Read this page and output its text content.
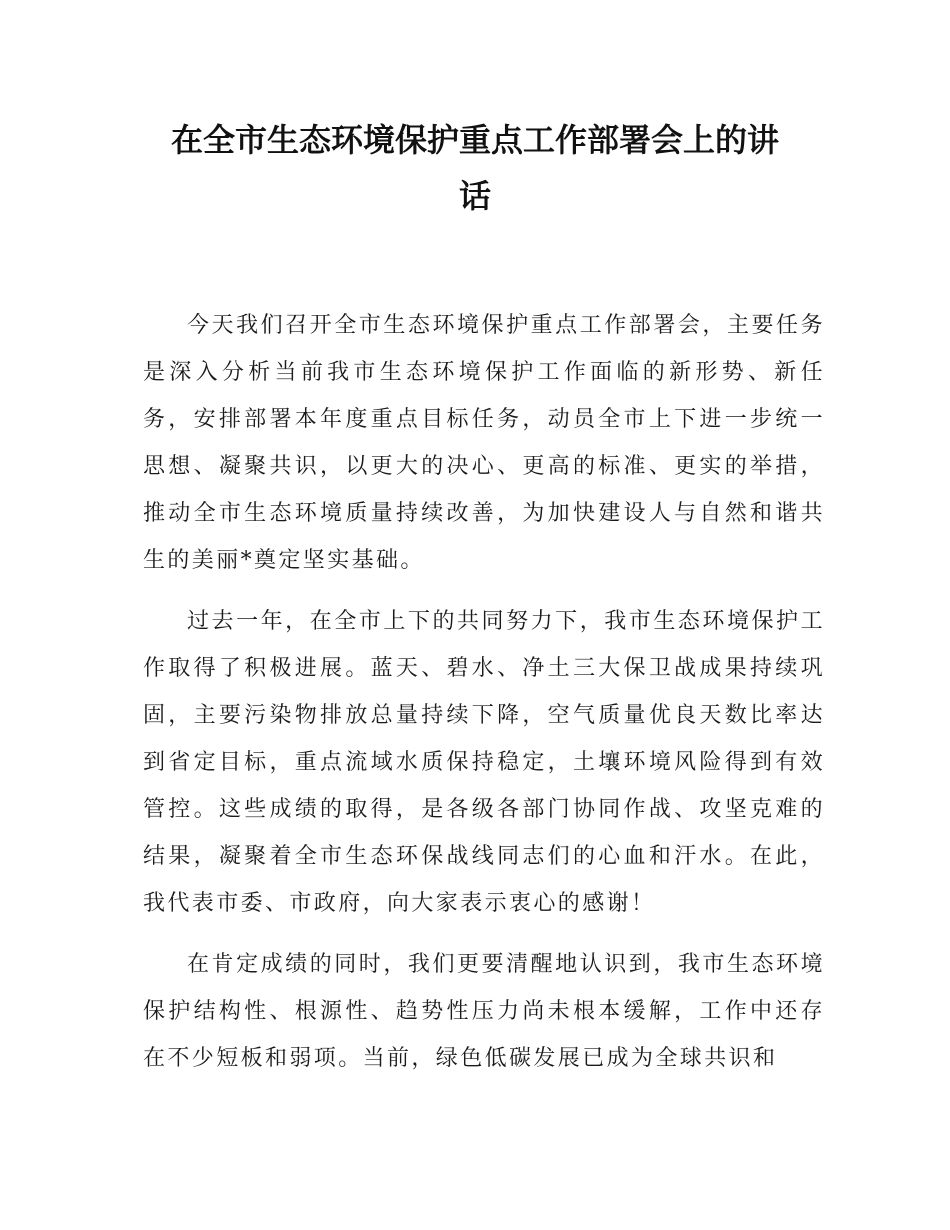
在全市生态环境保护重点工作部署会上的讲
话

今天我们召开全市生态环境保护重点工作部署会，主要任务是深入分析当前我市生态环境保护工作面临的新形势、新任务，安排部署本年度重点目标任务，动员全市上下进一步统一思想、凝聚共识，以更大的决心、更高的标准、更实的举措，推动全市生态环境质量持续改善，为加快建设人与自然和谐共生的美丽*奠定坚实基础。

过去一年，在全市上下的共同努力下，我市生态环境保护工作取得了积极进展。蓝天、碧水、净土三大保卫战成果持续巩固，主要污染物排放总量持续下降，空气质量优良天数比率达到省定目标，重点流域水质保持稳定，土壤环境风险得到有效管控。这些成绩的取得，是各级各部门协同作战、攻坚克难的结果，凝聚着全市生态环保战线同志们的心血和汗水。在此，我代表市委、市政府，向大家表示衷心的感谢！

在肯定成绩的同时，我们更要清醒地认识到，我市生态环境保护结构性、根源性、趋势性压力尚未根本缓解，工作中还存在不少短板和弱项。当前，绿色低碳发展已成为全球共识和
